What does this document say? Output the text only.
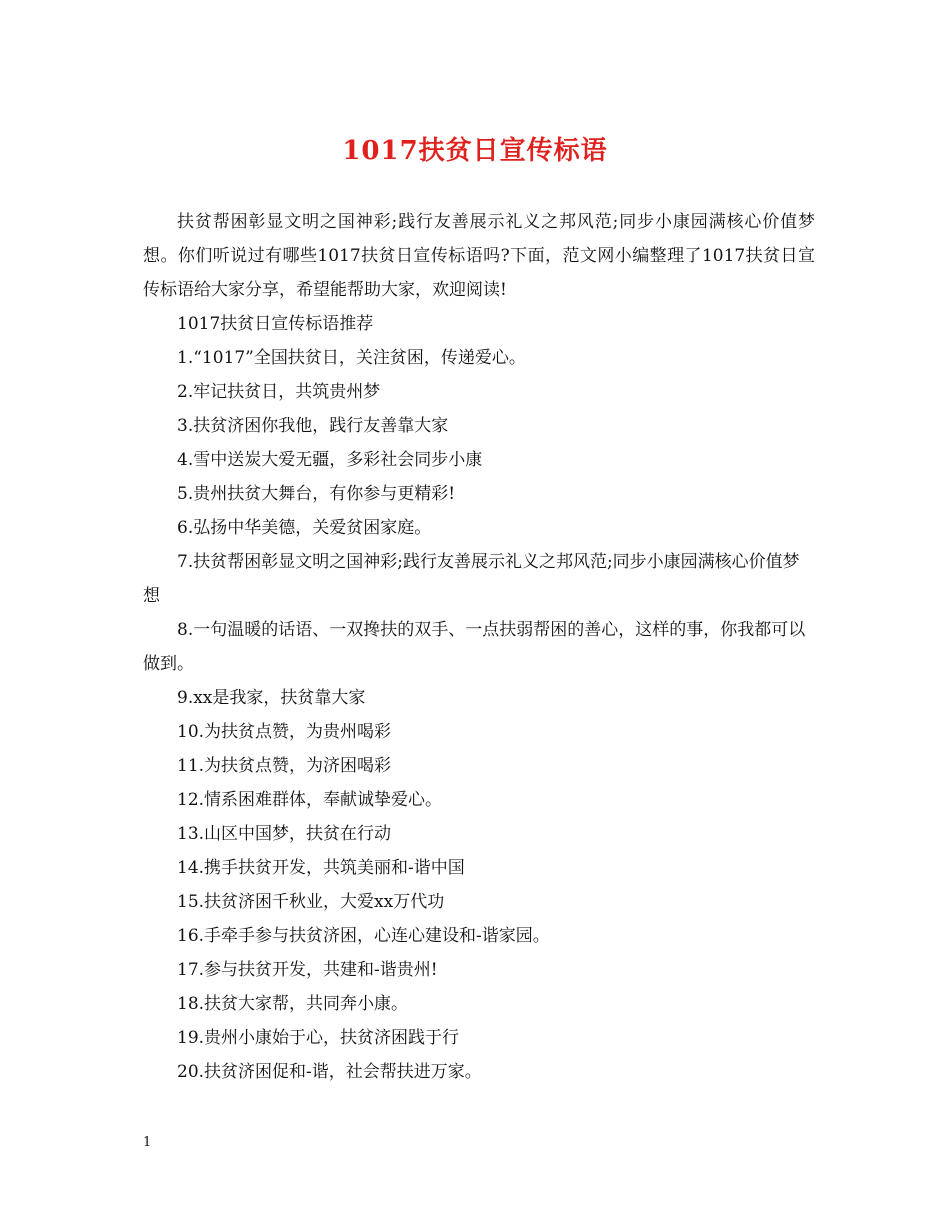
1017扶贫日宣传标语

扶贫帮困彰显文明之国神彩;践行友善展示礼义之邦风范;同步小康园满核心价值梦想。你们听说过有哪些1017扶贫日宣传标语吗?下面，范文网小编整理了1017扶贫日宣传标语给大家分享，希望能帮助大家，欢迎阅读!

1017扶贫日宣传标语推荐

1.“1017”全国扶贫日，关注贫困，传递爱心。
2.牢记扶贫日，共筑贵州梦
3.扶贫济困你我他，践行友善靠大家
4.雪中送炭大爱无疆，多彩社会同步小康
5.贵州扶贫大舞台，有你参与更精彩!
6.弘扬中华美德，关爱贫困家庭。
7.扶贫帮困彰显文明之国神彩;践行友善展示礼义之邦风范;同步小康园满核心价值梦想
8.一句温暖的话语、一双搀扶的双手、一点扶弱帮困的善心，这样的事，你我都可以做到。
9.xx是我家，扶贫靠大家
10.为扶贫点赞，为贵州喝彩
11.为扶贫点赞，为济困喝彩
12.情系困难群体，奉献诚挚爱心。
13.山区中国梦，扶贫在行动
14.携手扶贫开发，共筑美丽和-谐中国
15.扶贫济困千秋业，大爱xx万代功
16.手牵手参与扶贫济困，心连心建设和-谐家园。
17.参与扶贫开发，共建和-谐贵州!
18.扶贫大家帮，共同奔小康。
19.贵州小康始于心，扶贫济困践于行
20.扶贫济困促和-谐，社会帮扶进万家。
1
